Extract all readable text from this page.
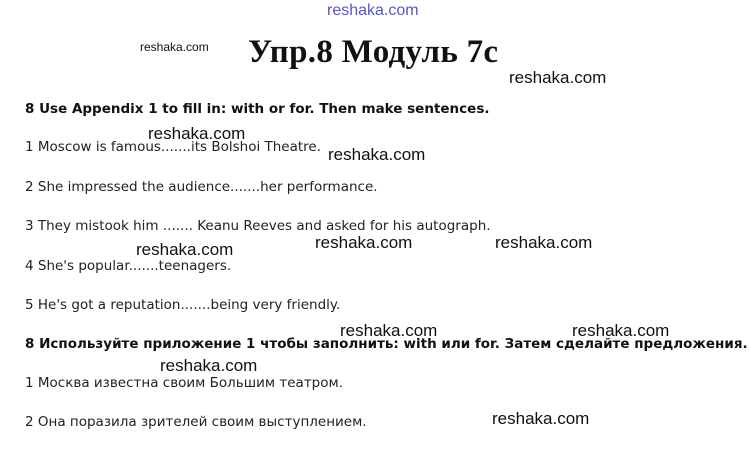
reshaka.com
reshaka.com Упр.8 Модуль 7c
reshaka.com
8 Use Appendix 1 to fill in: with or for. Then make sentences.
reshaka.com
1 Moscow is famous.......its Bolshoi Theatre. reshaka.com
2 She impressed the audience.......her performance.
3 They mistook him ....... Keanu Reeves and asked for his autograph.
reshaka.com	reshaka.com
reshaka.com
4 She's popular.......teenagers.
5 He's got a reputation.......being very friendly.
reshaka.com	reshaka.com
8 Используйте приложение 1 чтобы заполнить: with или for. Затем сделайте предложения.
reshaka.com
1 Москва известна своим Большим театром.
reshaka.com
2 Она поразила зрителей своим выступлением.
